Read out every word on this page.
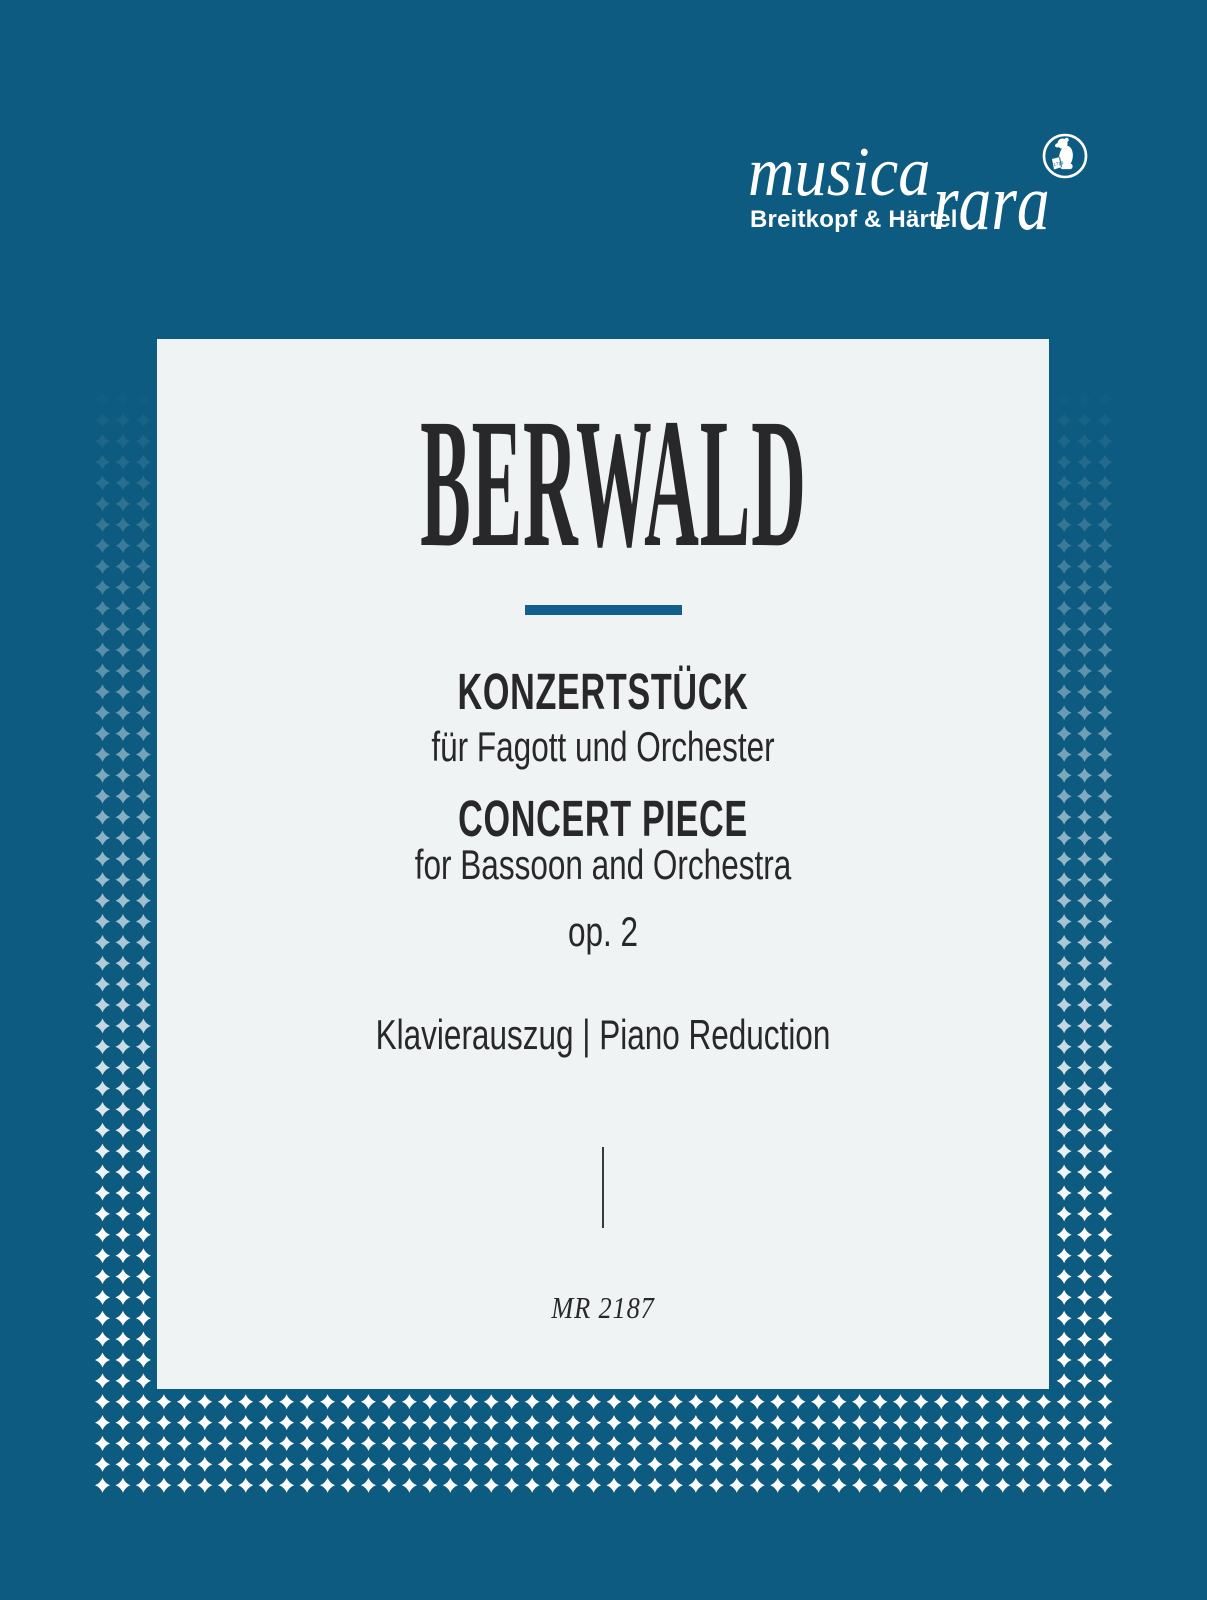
musica rara
Breitkopf & Härtel
1719
BERWALD
KONZERTSTÜCK
für Fagott und Orchester
CONCERT PIECE
for Bassoon and Orchestra
op. 2
Klavierauszug | Piano Reduction
MR 2187
